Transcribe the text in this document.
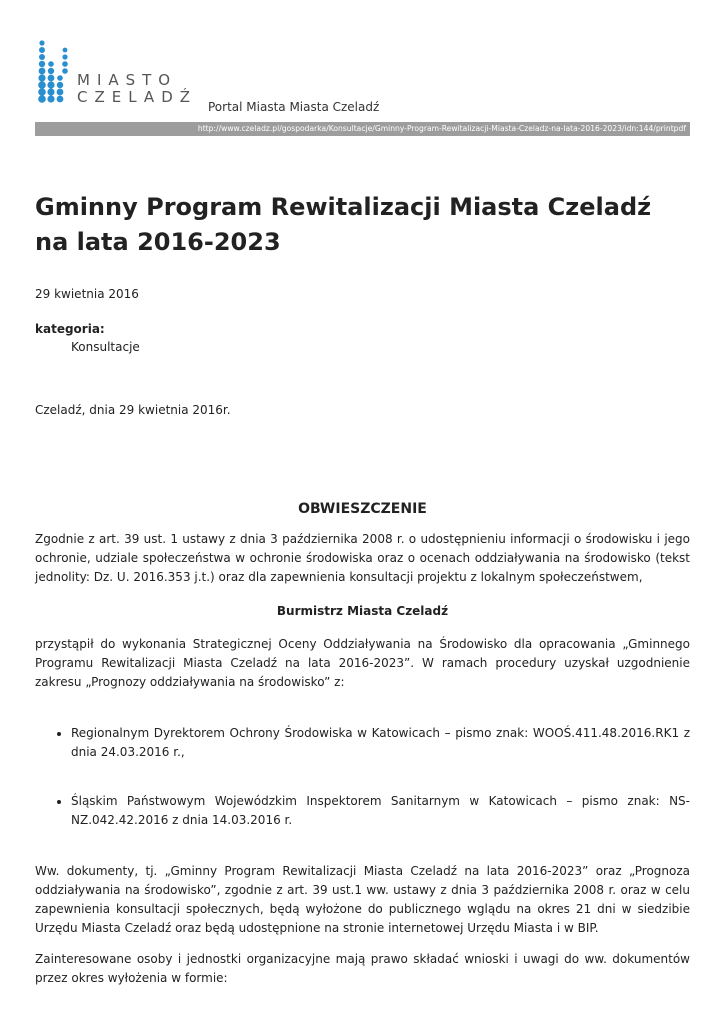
MIASTO
CZELADŹ
Portal Miasta Miasta Czeladź
http://www.czeladz.pl/gospodarka/Konsultacje/Gminny-Program-Rewitalizacji-Miasta-Czeladz-na-lata-2016-2023/idn:144/printpdf
Gminny Program Rewitalizacji Miasta Czeladź na lata 2016-2023
29 kwietnia 2016
kategoria:
Konsultacje
Czeladź, dnia 29 kwietnia 2016r.
OBWIESZCZENIE

Zgodnie z art. 39 ust. 1 ustawy z dnia 3 października 2008 r. o udostępnieniu informacji o środowisku i jego ochronie, udziale społeczeństwa w ochronie środowiska oraz o ocenach oddziaływania na środowisko (tekst jednolity: Dz. U. 2016.353 j.t.) oraz dla zapewnienia konsultacji projektu z lokalnym społeczeństwem,

Burmistrz Miasta Czeladź

przystąpił do wykonania Strategicznej Oceny Oddziaływania na Środowisko dla opracowania „Gminnego Programu Rewitalizacji Miasta Czeladź na lata 2016-2023”. W ramach procedury uzyskał uzgodnienie zakresu „Prognozy oddziaływania na środowisko” z:

• Regionalnym Dyrektorem Ochrony Środowiska w Katowicach – pismo znak: WOOŚ.411.48.2016.RK1 z dnia 24.03.2016 r.,
• Śląskim Państwowym Wojewódzkim Inspektorem Sanitarnym w Katowicach – pismo znak: NS-NZ.042.42.2016 z dnia 14.03.2016 r.

Ww. dokumenty, tj. „Gminny Program Rewitalizacji Miasta Czeladź na lata 2016-2023” oraz „Prognoza oddziaływania na środowisko”, zgodnie z art. 39 ust.1 ww. ustawy z dnia 3 października 2008 r. oraz w celu zapewnienia konsultacji społecznych, będą wyłożone do publicznego wglądu na okres 21 dni w siedzibie Urzędu Miasta Czeladź oraz będą udostępnione na stronie internetowej Urzędu Miasta i w BIP.

Zainteresowane osoby i jednostki organizacyjne mają prawo składać wnioski i uwagi do ww. dokumentów przez okres wyłożenia w formie:
